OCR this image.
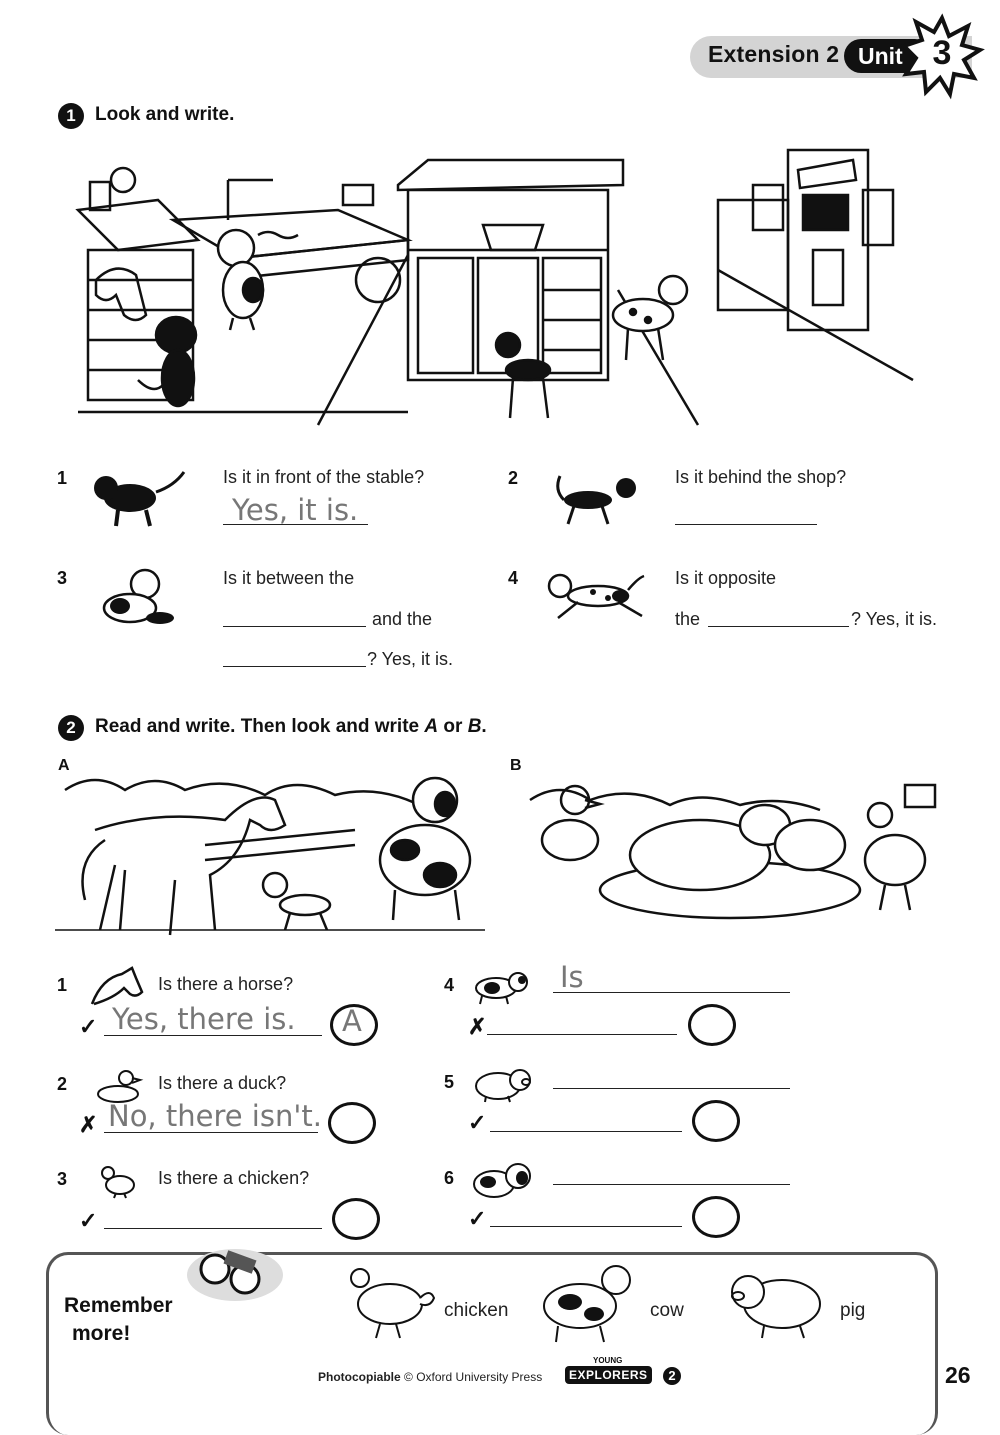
Extension 2 Unit 3
1	Look and write.
1	Is it in front of the stable?
Yes, it is.
2	Is it behind the shop?
3	Is it between the
and the
? Yes, it is.
4	Is it opposite
the	? Yes, it is.
2	Read and write. Then look and write A or B.
A	B
1	Is there a horse?
✓ Yes, there is. A
2	Is there a duck?
✗ No, there isn't.
3	Is there a chicken?
✓
4	Is
✗
5
✓
6
✓
Remember
more!
chicken	cow	pig
Photocopiable © Oxford University Press
YOUNG
EXPLORERS	2	26
